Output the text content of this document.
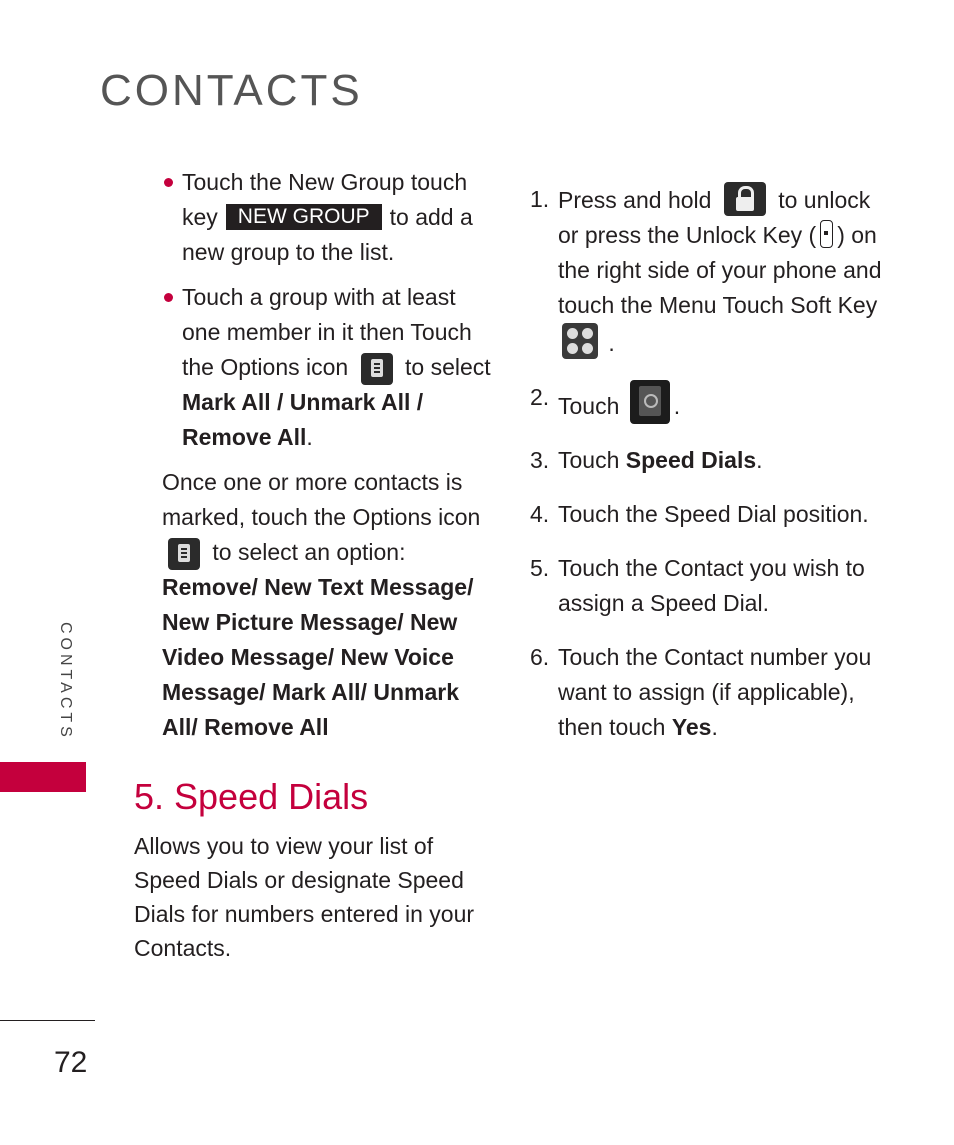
CONTACTS
CONTACTS
72
Touch the New Group touch key NEW GROUP to add a new group to the list.
Touch a group with at least one member in it then Touch the Options icon to select Mark All / Unmark All / Remove All.
Once one or more contacts is marked, touch the Options icon
to select an option: Remove/ New Text Message/ New Picture Message/ New Video Message/ New Voice Message/ Mark All/ Unmark All/ Remove All
5. Speed Dials
Allows you to view your list of Speed Dials or designate Speed Dials for numbers entered in your Contacts.
1. Press and hold	to unlock or press the Unlock Key ( ) on the right side of your phone and touch the Menu Touch Soft Key
.
2. Touch .
3. Touch Speed Dials.
4. Touch the Speed Dial position.
5. Touch the Contact you wish to assign a Speed Dial.
6. Touch the Contact number you want to assign (if applicable), then touch Yes.
